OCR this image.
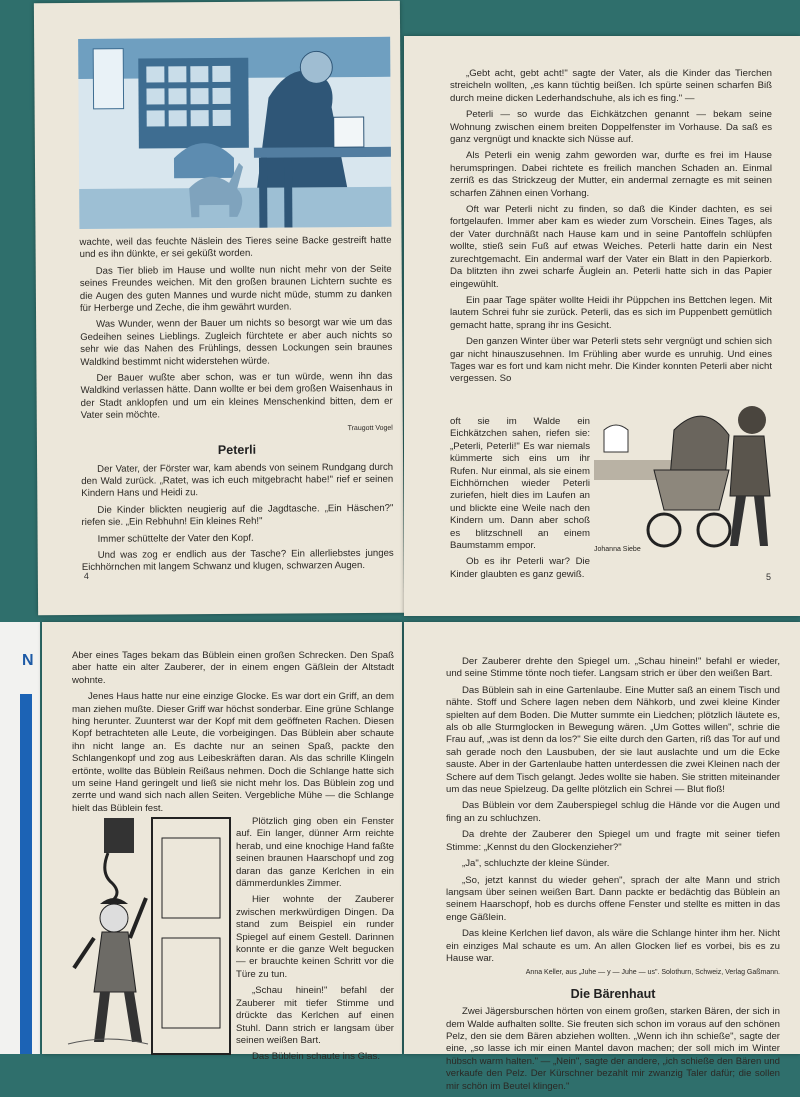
wachte, weil das feuchte Näslein des Tieres seine Backe gestreift hatte und es ihn dünkte, er sei geküßt worden.

Das Tier blieb im Hause und wollte nun nicht mehr von der Seite seines Freundes weichen. Mit den großen braunen Lichtern suchte es die Augen des guten Mannes und wurde nicht müde, stumm zu danken für Herberge und Zeche, die ihm gewährt wurden.

Was Wunder, wenn der Bauer um nichts so besorgt war wie um das Gedeihen seines Lieblings. Zugleich fürchtete er aber auch nichts so sehr wie das Nahen des Frühlings, dessen Lockungen sein braunes Waldkind bestimmt nicht widerstehen würde.

Der Bauer wußte aber schon, was er tun würde, wenn ihn das Waldkind verlassen hätte. Dann wollte er bei dem großen Waisenhaus in der Stadt anklopfen und um ein kleines Menschenkind bitten, dem er Vater sein möchte.

Traugott Vogel
Peterli

Der Vater, der Förster war, kam abends von seinem Rundgang durch den Wald zurück. „Ratet, was ich euch mitgebracht habe!" rief er seinen Kindern Hans und Heidi zu.

Die Kinder blickten neugierig auf die Jagdtasche. „Ein Häschen?" riefen sie. „Ein Rebhuhn! Ein kleines Reh!"

Immer schüttelte der Vater den Kopf.

Und was zog er endlich aus der Tasche? Ein allerliebstes junges Eichhörnchen mit langem Schwanz und klugen, schwarzen Augen.

4

„Gebt acht, gebt acht!" sagte der Vater, als die Kinder das Tierchen streicheln wollten, „es kann tüchtig beißen. Ich spürte seinen scharfen Biß durch meine dicken Lederhandschuhe, als ich es fing." —

Peterli — so wurde das Eichkätzchen genannt — bekam seine Wohnung zwischen einem breiten Doppelfenster im Vorhause. Da saß es ganz vergnügt und knackte sich Nüsse auf.

Als Peterli ein wenig zahm geworden war, durfte es frei im Hause herumspringen. Dabei richtete es freilich manchen Schaden an. Einmal zerriß es das Strickzeug der Mutter, ein andermal zernagte es mit seinen scharfen Zähnen einen Vorhang.

Oft war Peterli nicht zu finden, so daß die Kinder dachten, es sei fortgelaufen. Immer aber kam es wieder zum Vorschein. Eines Tages, als der Vater durchnäßt nach Hause kam und in seine Pantoffeln schlüpfen wollte, stieß sein Fuß auf etwas Weiches. Peterli hatte darin ein Nest zurechtgemacht. Ein andermal warf der Vater ein Blatt in den Papierkorb. Da blitzten ihn zwei scharfe Äuglein an. Peterli hatte sich in das Papier eingewühlt.

Ein paar Tage später wollte Heidi ihr Püppchen ins Bettchen legen. Mit lautem Schrei fuhr sie zurück. Peterli, das es sich im Puppenbett gemütlich gemacht hatte, sprang ihr ins Gesicht.

Den ganzen Winter über war Peterli stets sehr vergnügt und schien sich gar nicht hinauszusehnen. Im Frühling aber wurde es unruhig. Und eines Tages war es fort und kam nicht mehr. Die Kinder konnten Peterli aber nicht vergessen. So

oft sie im Walde ein Eichkätzchen sahen, riefen sie: „Peterli, Peterli!" Es war niemals kümmerte sich eins um ihr Rufen. Nur einmal, als sie einem Eichhörnchen wieder Peterli zuriefen, hielt dies im Laufen an und blickte eine Weile nach den Kindern um. Dann aber schoß es blitzschnell an einem Baumstamm empor.

Ob es ihr Peterli war? Die Kinder glaubten es ganz gewiß.

Johanna Siebe
5
N	Aber eines Tages bekam das Büblein einen großen Schrecken. Den Spaß aber hatte ein alter Zauberer, der in einem engen Gäßlein der Altstadt wohnte.

Jenes Haus hatte nur eine einzige Glocke. Es war dort ein Griff, an dem man ziehen mußte. Dieser Griff war höchst sonderbar. Eine grüne Schlange hing herunter. Zuunterst war der Kopf mit dem geöffneten Rachen. Diesen Kopf betrachteten alle Leute, die vorbeigingen. Das Büblein aber schaute ihn nicht lange an. Es dachte nur an seinen Spaß, packte den Schlangenkopf und zog aus Leibeskräften daran. Als das schrille Klingeln ertönte, wollte das Büblein Reißaus nehmen. Doch die Schlange hatte sich um seine Hand geringelt und ließ sie nicht mehr los. Das Büblein zog und zerrte und wand sich nach allen Seiten. Vergebliche Mühe — die Schlange hielt das Büblein fest.

Plötzlich ging oben ein Fenster auf. Ein langer, dünner Arm reichte herab, und eine knochige Hand faßte seinen braunen Haarschopf und zog daran das ganze Kerlchen in ein dämmerdunkles Zimmer.

Hier wohnte der Zauberer zwischen merkwürdigen Dingen. Da stand zum Beispiel ein runder Spiegel auf einem Gestell. Darinnen konnte er die ganze Welt begucken — er brauchte keinen Schritt vor die Türe zu tun.

„Schau hinein!" befahl der Zauberer mit tiefer Stimme und drückte das Kerlchen auf einen Stuhl. Dann strich er langsam über seinen weißen Bart.

Das Büblein schaute ins Glas.

Der Zauberer drehte den Spiegel um. „Schau hinein!" befahl er wieder, und seine Stimme tönte noch tiefer. Langsam strich er über den weißen Bart.

Das Büblein sah in eine Gartenlaube. Eine Mutter saß an einem Tisch und nähte. Stoff und Schere lagen neben dem Nähkorb, und zwei kleine Kinder spielten auf dem Boden. Die Mutter summte ein Liedchen; plötzlich läutete es, als ob alle Sturmglocken in Bewegung wären. „Um Gottes willen", schrie die Frau auf, „was ist denn da los?" Sie eilte durch den Garten, riß das Tor auf und sah gerade noch den Lausbuben, der sie laut auslachte und um die Ecke sauste. Aber in der Gartenlaube hatten unterdessen die zwei Kleinen nach der Schere auf dem Tisch gelangt. Jedes wollte sie haben. Sie stritten miteinander um das neue Spielzeug. Da gellte plötzlich ein Schrei — Blut floß!

Das Büblein vor dem Zauberspiegel schlug die Hände vor die Augen und fing an zu schluchzen.

Da drehte der Zauberer den Spiegel um und fragte mit seiner tiefen Stimme: „Kennst du den Glockenzieher?"

„Ja", schluchzte der kleine Sünder.

„So, jetzt kannst du wieder gehen", sprach der alte Mann und strich langsam über seinen weißen Bart. Dann packte er bedächtig das Büblein an seinem Haarschopf, hob es durchs offene Fenster und stellte es mitten in das enge Gäßlein.

Das kleine Kerlchen lief davon, als wäre die Schlange hinter ihm her. Nicht ein einziges Mal schaute es um. An allen Glocken lief es vorbei, bis es zu Hause war.

Anna Keller, aus „Juhe — y — Juhe — us". Solothurn, Schweiz, Verlag Gaßmann.
Die Bärenhaut

Zwei Jägersburschen hörten von einem großen, starken Bären, der sich in dem Walde aufhalten sollte. Sie freuten sich schon im voraus auf den schönen Pelz, den sie dem Bären abziehen wollten. „Wenn ich ihn schieße", sagte der eine, „so lasse ich mir einen Mantel davon machen; der soll mich im Winter hübsch warm halten." — „Nein", sagte der andere, „ich schieße den Bären und verkaufe den Pelz. Der Kürschner bezahlt mir zwanzig Taler dafür; die sollen mir schön im Beutel klingen."
